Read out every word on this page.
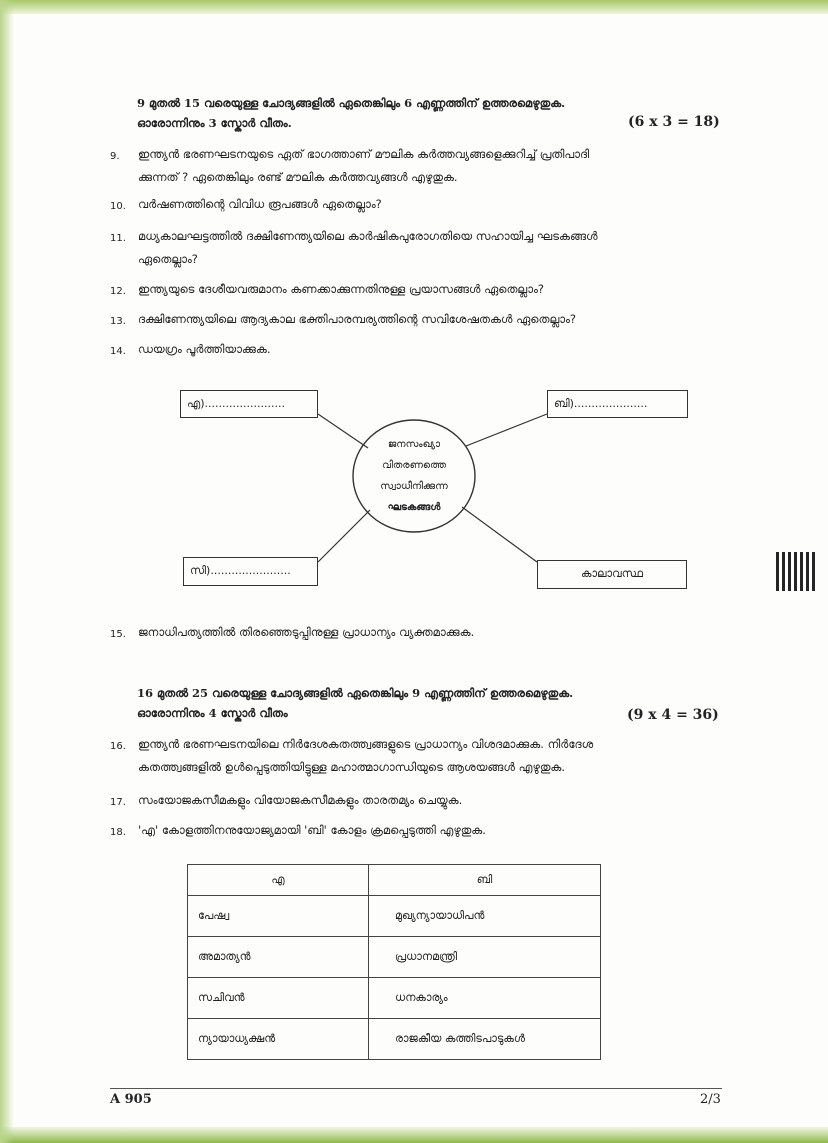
9 മുതൽ 15 വരെയുള്ള ചോദ്യങ്ങളിൽ ഏതെങ്കിലും 6 എണ്ണത്തിന് ഉത്തരമെഴുതുക.
ഓരോന്നിനും 3 സ്കോർ വീതം.	(6 x 3 = 18)
9. ഇന്ത്യൻ ഭരണഘടനയുടെ ഏത് ഭാഗത്താണ് മൗലിക കർത്തവ്യങ്ങളെക്കുറിച്ച് പ്രതിപാദി
ക്കുന്നത് ? ഏതെങ്കിലും രണ്ട് മൗലിക കർത്തവ്യങ്ങൾ എഴുതുക.
10. വർഷണത്തിന്റെ വിവിധ രൂപങ്ങൾ ഏതെല്ലാം?
11. മധ്യകാലഘട്ടത്തിൽ ദക്ഷിണേന്ത്യയിലെ കാർഷികപുരോഗതിയെ സഹായിച്ച ഘടകങ്ങൾ
ഏതെല്ലാം?
12. ഇന്ത്യയുടെ ദേശീയവരുമാനം കണക്കാക്കുന്നതിനുള്ള പ്രയാസങ്ങൾ ഏതെല്ലാം?
13. ദക്ഷിണേന്ത്യയിലെ ആദ്യകാല ഭക്തിപാരമ്പര്യത്തിന്റെ സവിശേഷതകൾ ഏതെല്ലാം?
14. ഡയഗ്രം പൂർത്തിയാക്കുക.
എ).......................	ബി).....................
സി).......................	കാലാവസ്ഥ
ജനസംഖ്യാ
വിതരണത്തെ
സ്വാധീനിക്കുന്ന
ഘടകങ്ങൾ
15. ജനാധിപത്യത്തിൽ തിരഞ്ഞെടുപ്പിനുള്ള പ്രാധാന്യം വ്യക്തമാക്കുക.
16 മുതൽ 25 വരെയുള്ള ചോദ്യങ്ങളിൽ ഏതെങ്കിലും 9 എണ്ണത്തിന് ഉത്തരമെഴുതുക.
ഓരോന്നിനും 4 സ്കോർ വീതം	(9 x 4 = 36)
16. ഇന്ത്യൻ ഭരണഘടനയിലെ നിർദേശകതത്ത്വങ്ങളുടെ പ്രാധാന്യം വിശദമാക്കുക. നിർദേശ
കതത്ത്വങ്ങളിൽ ഉൾപ്പെടുത്തിയിട്ടുള്ള മഹാത്മാഗാന്ധിയുടെ ആശയങ്ങൾ എഴുതുക.
17. സംയോജകസീമകളും വിയോജകസീമകളും താരതമ്യം ചെയ്യുക.
18. 'എ' കോളത്തിനനുയോജ്യമായി 'ബി' കോളം ക്രമപ്പെടുത്തി എഴുതുക.
എ	ബി
പേഷ്വ	മുഖ്യന്യായാധിപൻ
അമാത്യൻ	പ്രധാനമന്ത്രി
സചിവൻ	ധനകാര്യം
ന്യായാധ്യക്ഷൻ	രാജകീയ കത്തിടപാടുകൾ
A 905	2/3
